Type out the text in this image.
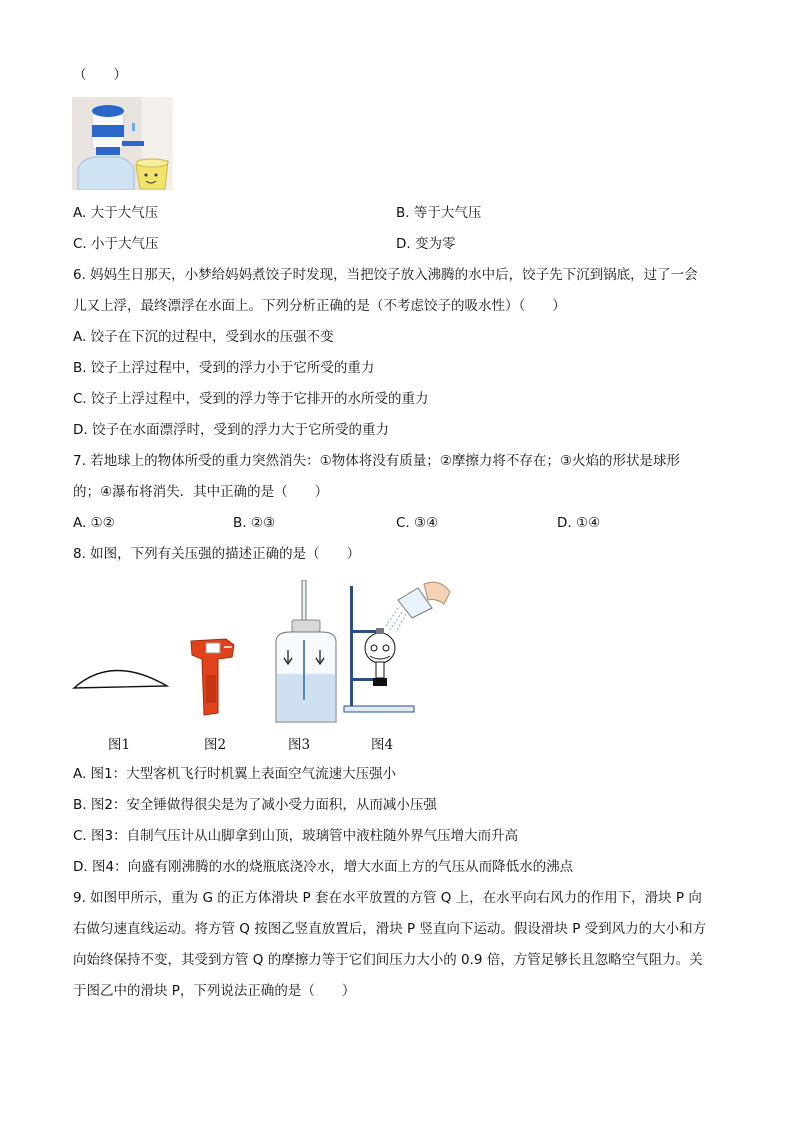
（　　）
A. 大于大气压	B. 等于大气压
C. 小于大气压	D. 变为零
6. 妈妈生日那天，小梦给妈妈煮饺子时发现，当把饺子放入沸腾的水中后，饺子先下沉到锅底，过了一会
儿又上浮，最终漂浮在水面上。下列分析正确的是（不考虑饺子的吸水性）（　　）
A. 饺子在下沉的过程中，受到水的压强不变
B. 饺子上浮过程中，受到的浮力小于它所受的重力
C. 饺子上浮过程中，受到的浮力等于它排开的水所受的重力
D. 饺子在水面漂浮时，受到的浮力大于它所受的重力
7. 若地球上的物体所受的重力突然消失：①物体将没有质量；②摩擦力将不存在；③火焰的形状是球形
的；④瀑布将消失．其中正确的是（　　）
A. ①②	B. ②③	C. ③④	D. ①④
8. 如图，下列有关压强的描述正确的是（　　）
图1	图2	图3	图4
A. 图1：大型客机飞行时机翼上表面空气流速大压强小
B. 图2：安全锤做得很尖是为了减小受力面积，从而减小压强
C. 图3：自制气压计从山脚拿到山顶，玻璃管中液柱随外界气压增大而升高
D. 图4：向盛有刚沸腾的水的烧瓶底浇冷水，增大水面上方的气压从而降低水的沸点
9. 如图甲所示，重为 G 的正方体滑块 P 套在水平放置的方管 Q 上，在水平向右风力的作用下，滑块 P 向
右做匀速直线运动。将方管 Q 按图乙竖直放置后，滑块 P 竖直向下运动。假设滑块 P 受到风力的大小和方
向始终保持不变，其受到方管 Q 的摩擦力等于它们间压力大小的 0.9 倍，方管足够长且忽略空气阻力。关
于图乙中的滑块 P，下列说法正确的是（　　）
